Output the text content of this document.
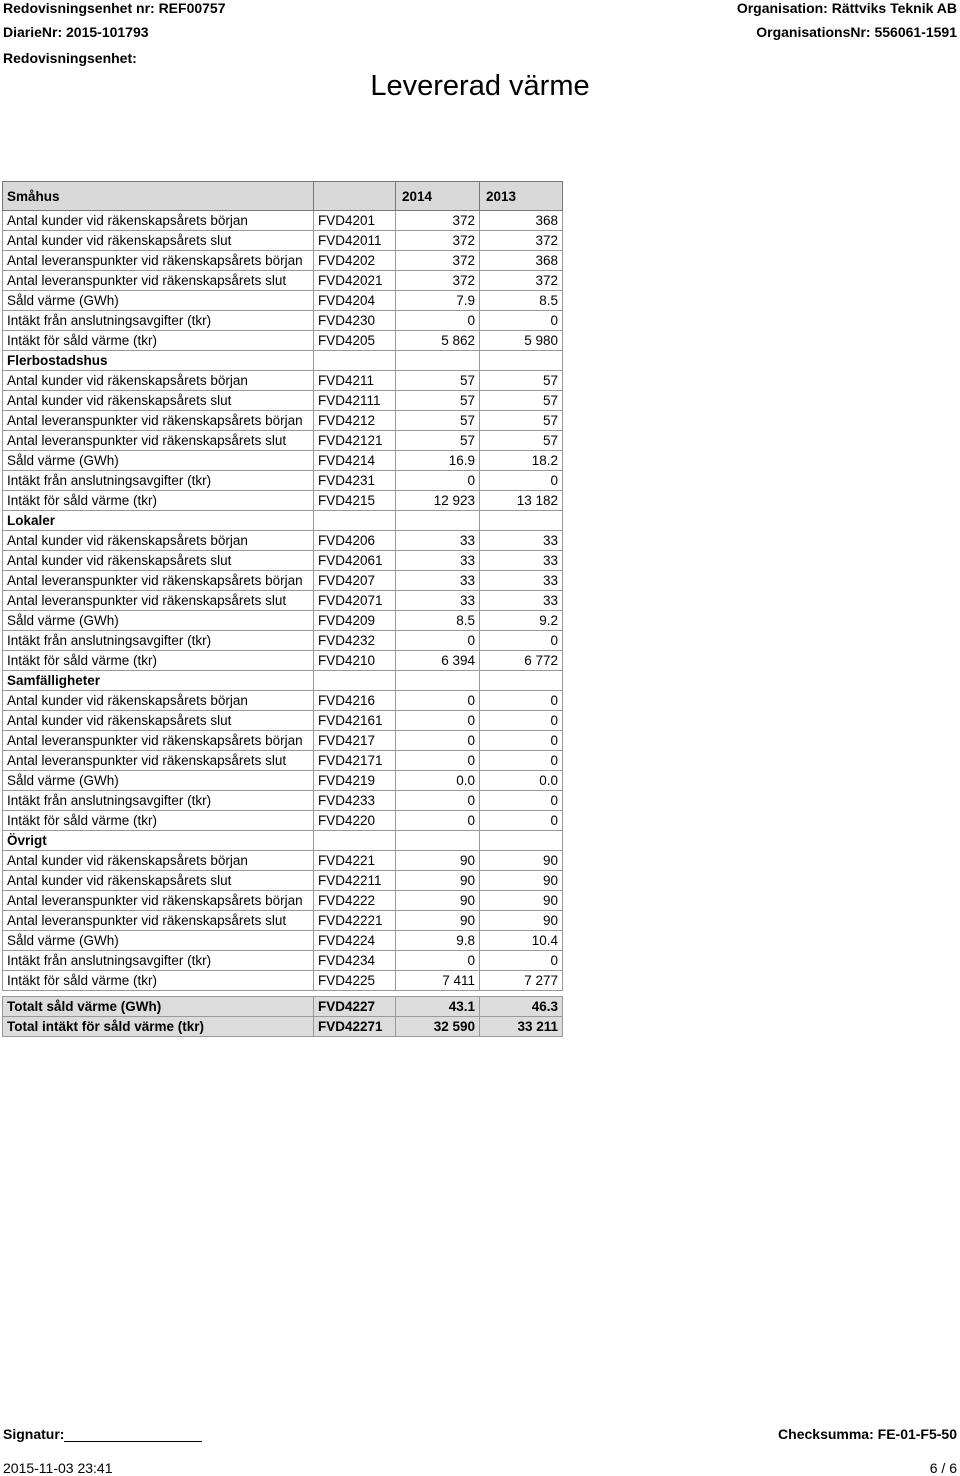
Redovisningsenhet nr: REF00757
DiarieNr: 2015-101793
Redovisningsenhet:
Organisation: Rättviks Teknik AB
OrganisationsNr: 556061-1591
Levererad värme
Småhus		2014	2013
Antal kunder vid räkenskapsårets början	FVD4201	372	368
Antal kunder vid räkenskapsårets slut	FVD42011	372	372
Antal leveranspunkter vid räkenskapsårets början	FVD4202	372	368
Antal leveranspunkter vid räkenskapsårets slut	FVD42021	372	372
Såld värme (GWh)	FVD4204	7.9	8.5
Intäkt från anslutningsavgifter (tkr)	FVD4230	0	0
Intäkt för såld värme (tkr)	FVD4205	5 862	5 980
Flerbostadshus			
Antal kunder vid räkenskapsårets början	FVD4211	57	57
Antal kunder vid räkenskapsårets slut	FVD42111	57	57
Antal leveranspunkter vid räkenskapsårets början	FVD4212	57	57
Antal leveranspunkter vid räkenskapsårets slut	FVD42121	57	57
Såld värme (GWh)	FVD4214	16.9	18.2
Intäkt från anslutningsavgifter (tkr)	FVD4231	0	0
Intäkt för såld värme (tkr)	FVD4215	12 923	13 182
Lokaler			
Antal kunder vid räkenskapsårets början	FVD4206	33	33
Antal kunder vid räkenskapsårets slut	FVD42061	33	33
Antal leveranspunkter vid räkenskapsårets början	FVD4207	33	33
Antal leveranspunkter vid räkenskapsårets slut	FVD42071	33	33
Såld värme (GWh)	FVD4209	8.5	9.2
Intäkt från anslutningsavgifter (tkr)	FVD4232	0	0
Intäkt för såld värme (tkr)	FVD4210	6 394	6 772
Samfälligheter			
Antal kunder vid räkenskapsårets början	FVD4216	0	0
Antal kunder vid räkenskapsårets slut	FVD42161	0	0
Antal leveranspunkter vid räkenskapsårets början	FVD4217	0	0
Antal leveranspunkter vid räkenskapsårets slut	FVD42171	0	0
Såld värme (GWh)	FVD4219	0.0	0.0
Intäkt från anslutningsavgifter (tkr)	FVD4233	0	0
Intäkt för såld värme (tkr)	FVD4220	0	0
Övrigt			
Antal kunder vid räkenskapsårets början	FVD4221	90	90
Antal kunder vid räkenskapsårets slut	FVD42211	90	90
Antal leveranspunkter vid räkenskapsårets början	FVD4222	90	90
Antal leveranspunkter vid räkenskapsårets slut	FVD42221	90	90
Såld värme (GWh)	FVD4224	9.8	10.4
Intäkt från anslutningsavgifter (tkr)	FVD4234	0	0
Intäkt för såld värme (tkr)	FVD4225	7 411	7 277

Totalt såld värme (GWh)	FVD4227	43.1	46.3
Total intäkt för såld värme (tkr)	FVD42271	32 590	33 211
Signatur:	Checksumma: FE-01-F5-50
2015-11-03 23:41	6 / 6
